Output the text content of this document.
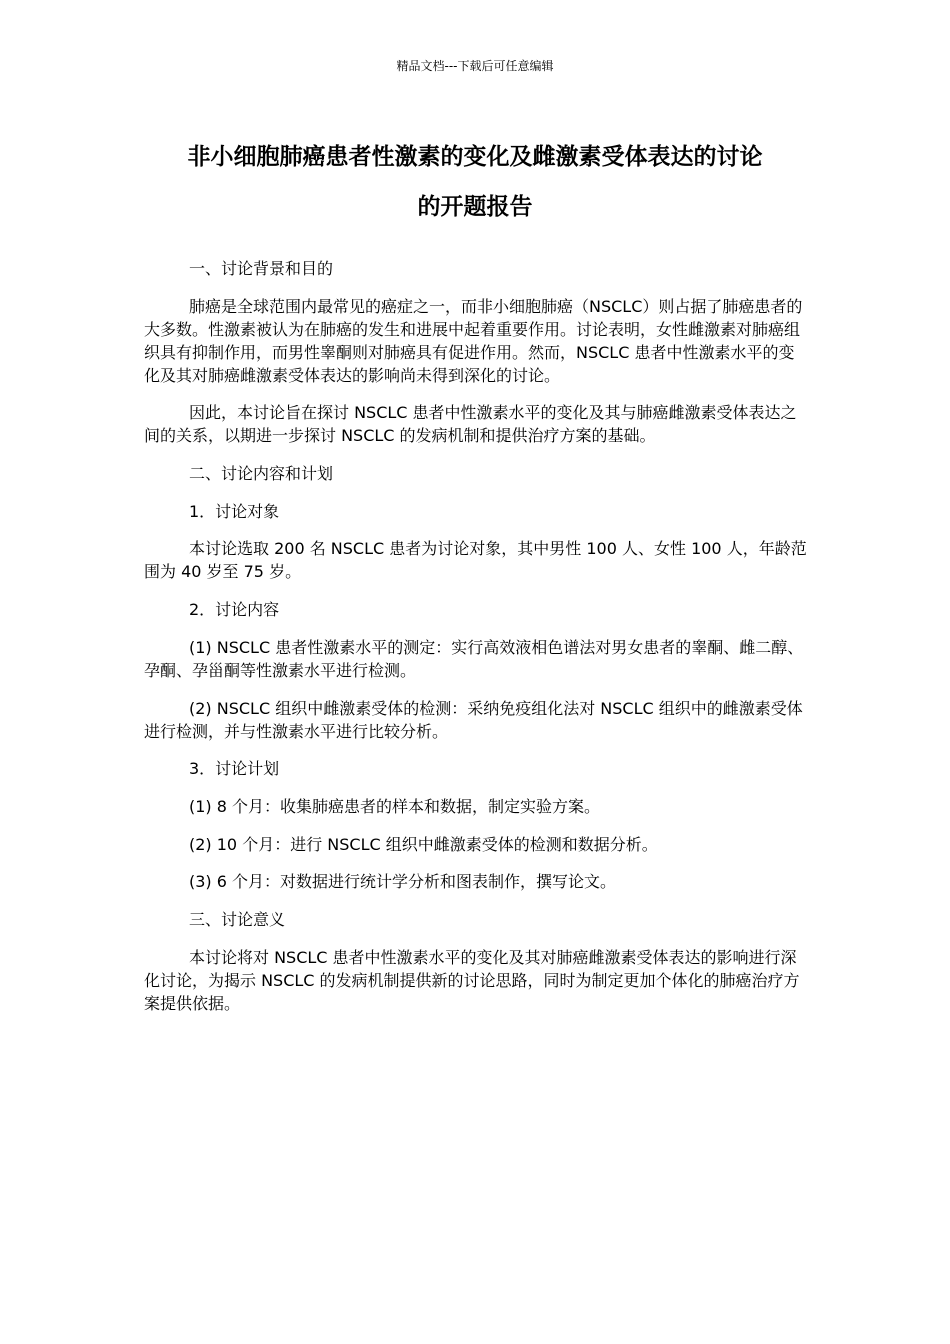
精品文档---下载后可任意编辑
非小细胞肺癌患者性激素的变化及雌激素受体表达的讨论
的开题报告

一、讨论背景和目的

肺癌是全球范围内最常见的癌症之一，而非小细胞肺癌（NSCLC）则占据了肺癌患者的大多数。性激素被认为在肺癌的发生和进展中起着重要作用。讨论表明，女性雌激素对肺癌组织具有抑制作用，而男性睾酮则对肺癌具有促进作用。然而，NSCLC 患者中性激素水平的变化及其对肺癌雌激素受体表达的影响尚未得到深化的讨论。

因此，本讨论旨在探讨 NSCLC 患者中性激素水平的变化及其与肺癌雌激素受体表达之间的关系，以期进一步探讨 NSCLC 的发病机制和提供治疗方案的基础。

二、讨论内容和计划

1．讨论对象

本讨论选取 200 名 NSCLC 患者为讨论对象，其中男性 100 人、女性 100 人，年龄范围为 40 岁至 75 岁。

2．讨论内容

(1) NSCLC 患者性激素水平的测定：实行高效液相色谱法对男女患者的睾酮、雌二醇、孕酮、孕甾酮等性激素水平进行检测。

(2) NSCLC 组织中雌激素受体的检测：采纳免疫组化法对 NSCLC 组织中的雌激素受体进行检测，并与性激素水平进行比较分析。

3．讨论计划

(1) 8 个月：收集肺癌患者的样本和数据，制定实验方案。

(2) 10 个月：进行 NSCLC 组织中雌激素受体的检测和数据分析。

(3) 6 个月：对数据进行统计学分析和图表制作，撰写论文。

三、讨论意义

本讨论将对 NSCLC 患者中性激素水平的变化及其对肺癌雌激素受体表达的影响进行深化讨论，为揭示 NSCLC 的发病机制提供新的讨论思路，同时为制定更加个体化的肺癌治疗方案提供依据。
